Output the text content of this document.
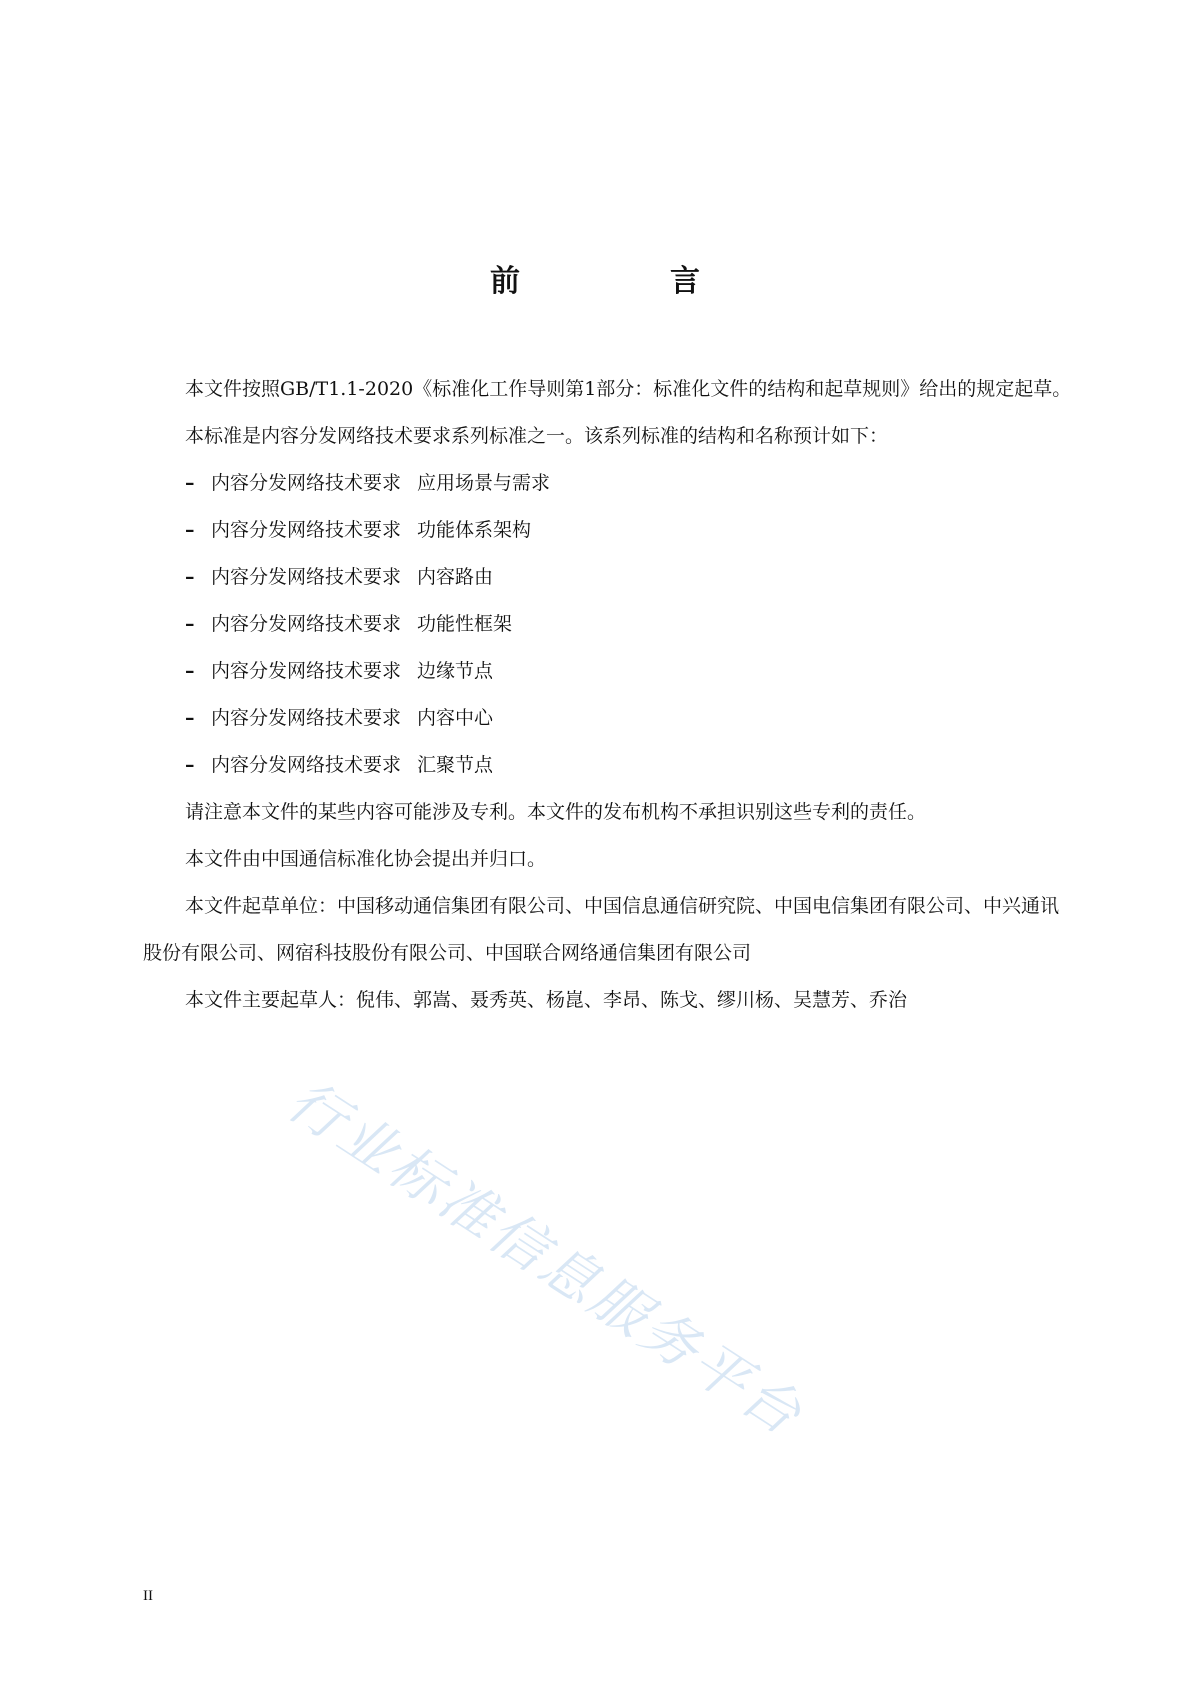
前　言

本文件按照GB/T1.1-2020《标准化工作导则第1部分：标准化文件的结构和起草规则》给出的规定起草。

本标准是内容分发网络技术要求系列标准之一。该系列标准的结构和名称预计如下：

– 内容分发网络技术要求 应用场景与需求
– 内容分发网络技术要求 功能体系架构
– 内容分发网络技术要求 内容路由
– 内容分发网络技术要求 功能性框架
– 内容分发网络技术要求 边缘节点
– 内容分发网络技术要求 内容中心
– 内容分发网络技术要求 汇聚节点

请注意本文件的某些内容可能涉及专利。本文件的发布机构不承担识别这些专利的责任。

本文件由中国通信标准化协会提出并归口。

本文件起草单位：中国移动通信集团有限公司、中国信息通信研究院、中国电信集团有限公司、中兴通讯股份有限公司、网宿科技股份有限公司、中国联合网络通信集团有限公司

本文件主要起草人：倪伟、郭嵩、聂秀英、杨崑、李昂、陈戈、缪川杨、吴慧芳、乔治

行业标准信息服务平台
II
